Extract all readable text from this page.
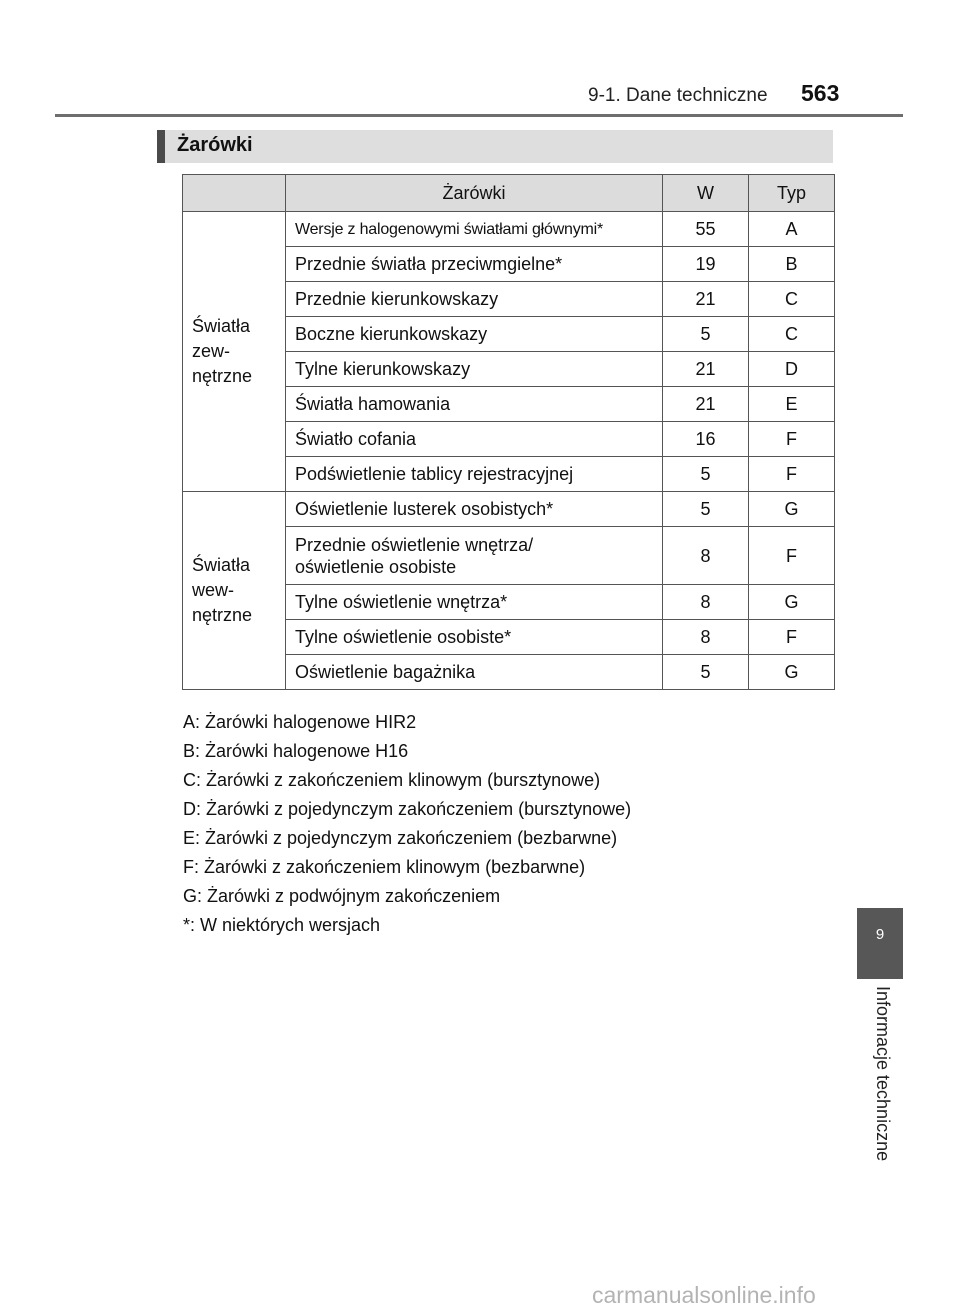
9-1. Dane techniczne 563
Żarówki
	Żarówki	W	Typ

Światła
zew-
nętrzne	Wersje z halogenowymi światłami głównymi*	55	A
	Przednie światła przeciwmgielne*	19	B
	Przednie kierunkowskazy	21	C
	Boczne kierunkowskazy	5	C
	Tylne kierunkowskazy	21	D
	Światła hamowania	21	E
	Światło cofania	16	F
	Podświetlenie tablicy rejestracyjnej	5	F

Światła
wew-
nętrzne	Oświetlenie lusterek osobistych*	5	G

	Przednie oświetlenie wnętrza/
oświetlenie osobiste	8	F
	Tylne oświetlenie wnętrza*	8	G
	Tylne oświetlenie osobiste*	8	F
	Oświetlenie bagażnika	5	G
A: Żarówki halogenowe HIR2
B: Żarówki halogenowe H16
C: Żarówki z zakończeniem klinowym (bursztynowe)
D: Żarówki z pojedynczym zakończeniem (bursztynowe)
E: Żarówki z pojedynczym zakończeniem (bezbarwne)
F: Żarówki z zakończeniem klinowym (bezbarwne)
G: Żarówki z podwójnym zakończeniem
*: W niektórych wersjach	9
Informacje techniczne
carmanualsonline.info
